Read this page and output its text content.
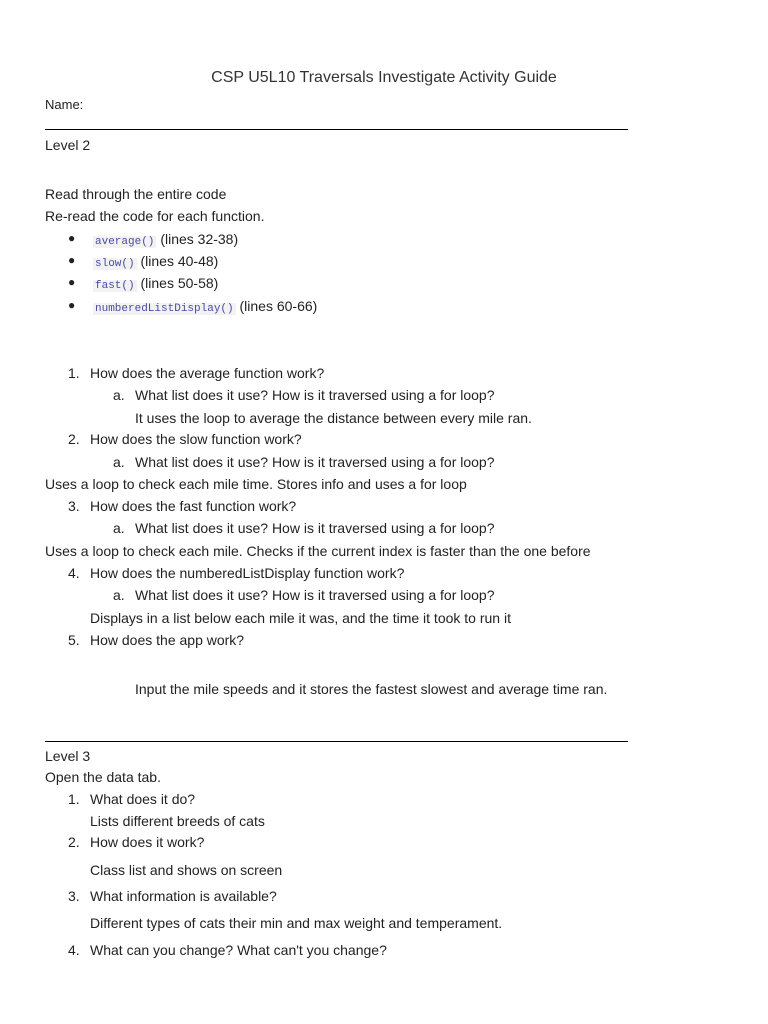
CSP U5L10 Traversals Investigate Activity Guide
Name:
Level 2
Read through the entire code
Re-read the code for each function.
● average() (lines 32-38)
● slow() (lines 40-48)
● fast() (lines 50-58)
● numberedListDisplay() (lines 60-66)
1. How does the average function work?
a. What list does it use? How is it traversed using a for loop?
It uses the loop to average the distance between every mile ran.
2. How does the slow function work?
a. What list does it use? How is it traversed using a for loop?
Uses a loop to check each mile time. Stores info and uses a for loop
3. How does the fast function work?
a. What list does it use? How is it traversed using a for loop?
Uses a loop to check each mile. Checks if the current index is faster than the one before
4. How does the numberedListDisplay function work?
a. What list does it use? How is it traversed using a for loop?
Displays in a list below each mile it was, and the time it took to run it
5. How does the app work?
Input the mile speeds and it stores the fastest slowest and average time ran.
Level 3
Open the data tab.
1. What does it do?
Lists different breeds of cats
2. How does it work?
Class list and shows on screen
3. What information is available?
Different types of cats their min and max weight and temperament.
4. What can you change? What can't you change?
